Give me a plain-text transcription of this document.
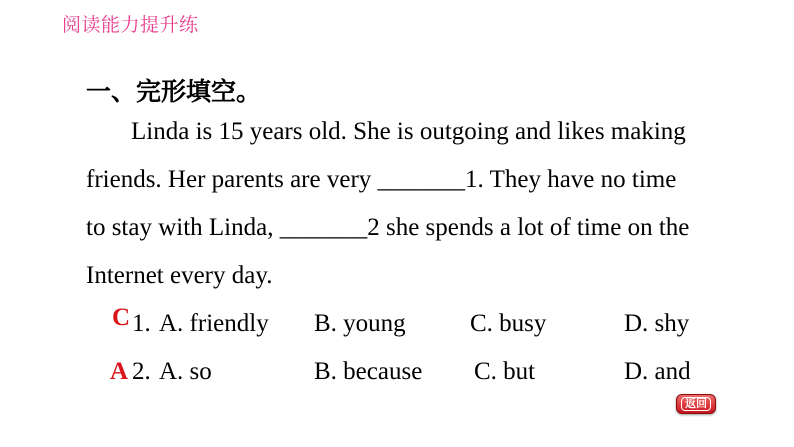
阅读能力提升练
一、完形填空。
Linda is 15 years old. She is outgoing and likes making
friends. Her parents are very _______1. They have no time
to stay with Linda, _______2 she spends a lot of time on the
Internet every day.
C 1. A. friendly B. young	C. busy	D. shy
A 2. A. so	B. because C. but	D. and
返回
